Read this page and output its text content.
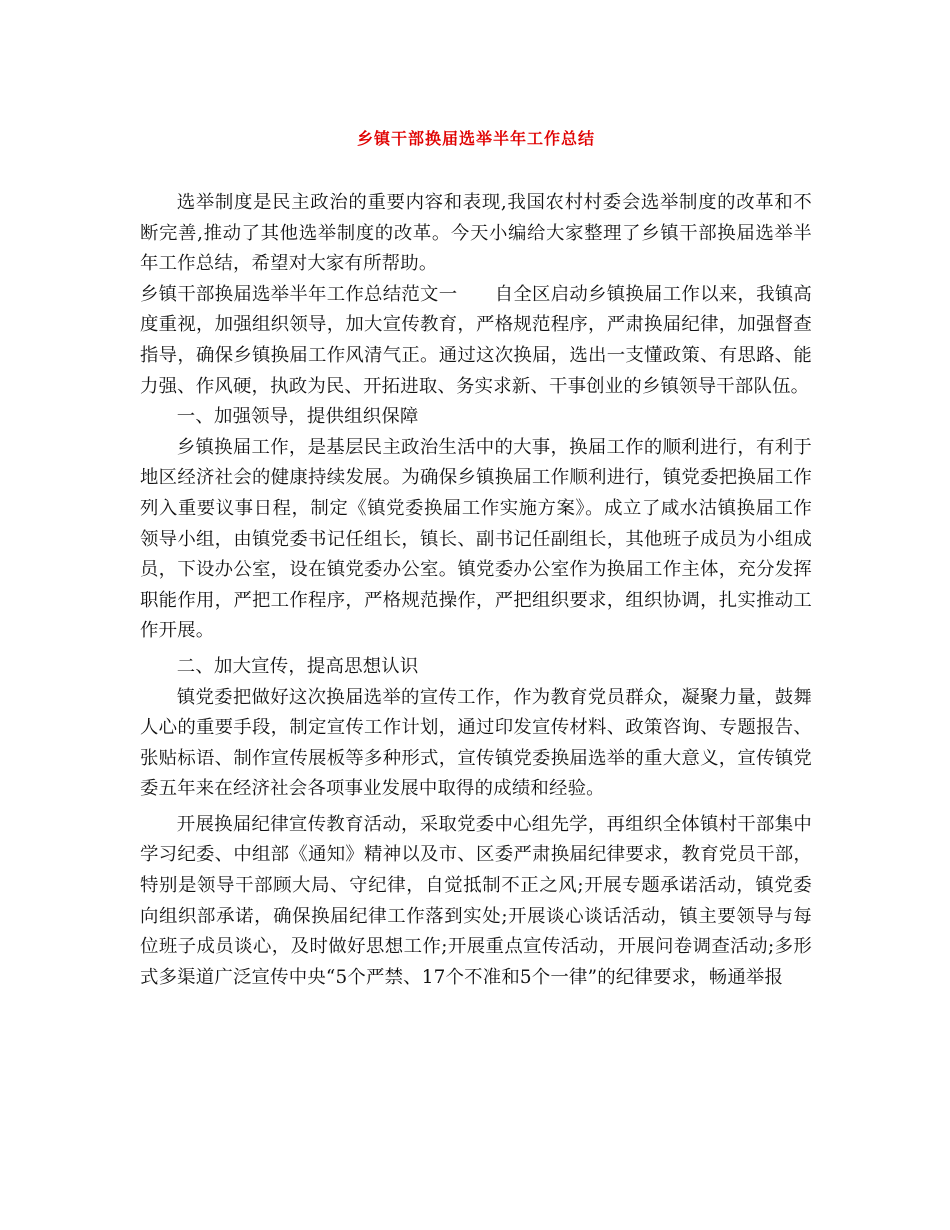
乡镇干部换届选举半年工作总结

选举制度是民主政治的重要内容和表现,我国农村村委会选举制度的改革和不断完善,推动了其他选举制度的改革。今天小编给大家整理了乡镇干部换届选举半年工作总结，希望对大家有所帮助。

乡镇干部换届选举半年工作总结范文一　　自全区启动乡镇换届工作以来，我镇高度重视，加强组织领导，加大宣传教育，严格规范程序，严肃换届纪律，加强督查指导，确保乡镇换届工作风清气正。通过这次换届，选出一支懂政策、有思路、能力强、作风硬，执政为民、开拓进取、务实求新、干事创业的乡镇领导干部队伍。

一、加强领导，提供组织保障

乡镇换届工作，是基层民主政治生活中的大事，换届工作的顺利进行，有利于地区经济社会的健康持续发展。为确保乡镇换届工作顺利进行，镇党委把换届工作列入重要议事日程，制定《镇党委换届工作实施方案》。成立了咸水沽镇换届工作领导小组，由镇党委书记任组长，镇长、副书记任副组长，其他班子成员为小组成员，下设办公室，设在镇党委办公室。镇党委办公室作为换届工作主体，充分发挥职能作用，严把工作程序，严格规范操作，严把组织要求，组织协调，扎实推动工作开展。

二、加大宣传，提高思想认识

镇党委把做好这次换届选举的宣传工作，作为教育党员群众，凝聚力量，鼓舞人心的重要手段，制定宣传工作计划，通过印发宣传材料、政策咨询、专题报告、张贴标语、制作宣传展板等多种形式，宣传镇党委换届选举的重大意义，宣传镇党委五年来在经济社会各项事业发展中取得的成绩和经验。

开展换届纪律宣传教育活动，采取党委中心组先学，再组织全体镇村干部集中学习纪委、中组部《通知》精神以及市、区委严肃换届纪律要求，教育党员干部，特别是领导干部顾大局、守纪律，自觉抵制不正之风;开展专题承诺活动，镇党委向组织部承诺，确保换届纪律工作落到实处;开展谈心谈话活动，镇主要领导与每位班子成员谈心，及时做好思想工作;开展重点宣传活动，开展问卷调查活动;多形式多渠道广泛宣传中央“5个严禁、17个不准和5个一律”的纪律要求，畅通举报
